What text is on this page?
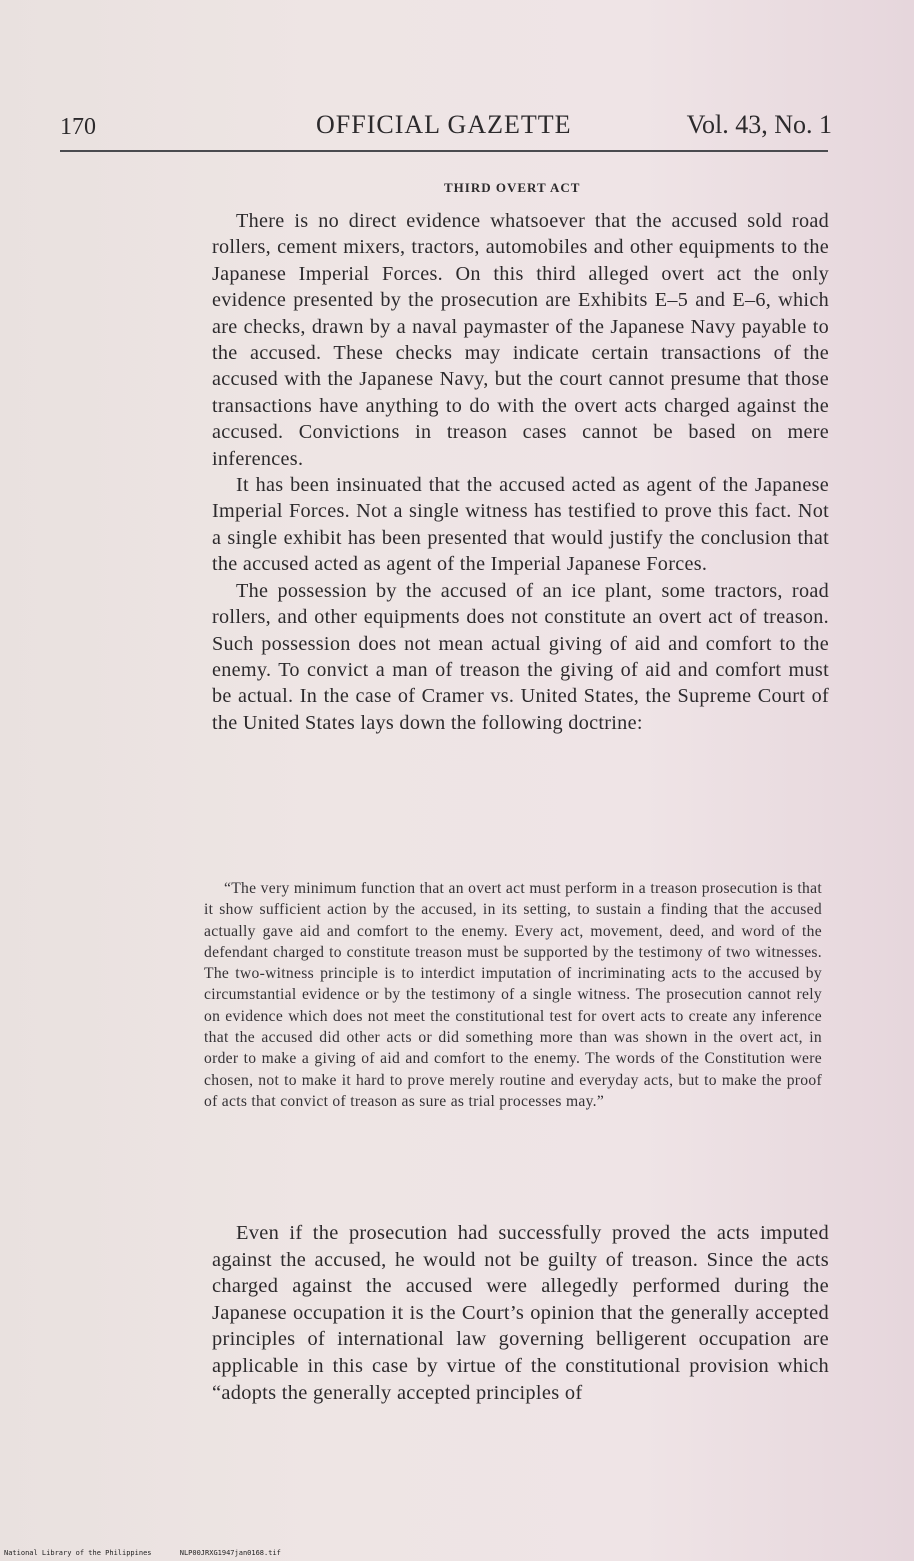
170	OFFICIAL GAZETTE	Vol. 43, No. 1
THIRD OVERT ACT

There is no direct evidence whatsoever that the accused sold road rollers, cement mixers, tractors, automobiles and other equipments to the Japanese Imperial Forces. On this third alleged overt act the only evidence presented by the prosecution are Exhibits E–5 and E–6, which are checks, drawn by a naval paymaster of the Japanese Navy payable to the accused. These checks may indicate certain transactions of the accused with the Japanese Navy, but the court cannot presume that those transactions have anything to do with the overt acts charged against the accused. Convictions in treason cases cannot be based on mere inferences.

It has been insinuated that the accused acted as agent of the Japanese Imperial Forces. Not a single witness has testified to prove this fact. Not a single exhibit has been presented that would justify the conclusion that the accused acted as agent of the Imperial Japanese Forces.

The possession by the accused of an ice plant, some tractors, road rollers, and other equipments does not constitute an overt act of treason. Such possession does not mean actual giving of aid and comfort to the enemy. To convict a man of treason the giving of aid and comfort must be actual. In the case of Cramer vs. United States, the Supreme Court of the United States lays down the following doctrine:

“The very minimum function that an overt act must perform in a treason prosecution is that it show sufficient action by the accused, in its setting, to sustain a finding that the accused actually gave aid and comfort to the enemy. Every act, movement, deed, and word of the defendant charged to constitute treason must be supported by the testimony of two witnesses. The two-witness principle is to interdict imputation of incriminating acts to the accused by circumstantial evidence or by the testimony of a single witness. The prosecution cannot rely on evidence which does not meet the constitutional test for overt acts to create any inference that the accused did other acts or did something more than was shown in the overt act, in order to make a giving of aid and comfort to the enemy. The words of the Constitution were chosen, not to make it hard to prove merely routine and everyday acts, but to make the proof of acts that convict of treason as sure as trial processes may.”

Even if the prosecution had successfully proved the acts imputed against the accused, he would not be guilty of treason. Since the acts charged against the accused were allegedly performed during the Japanese occupation it is the Court’s opinion that the generally accepted principles of international law governing belligerent occupation are applicable in this case by virtue of the constitutional provision which “adopts the generally accepted principles of

National Library of the Philippines	NLP00JRXG1947jan0168.tif
